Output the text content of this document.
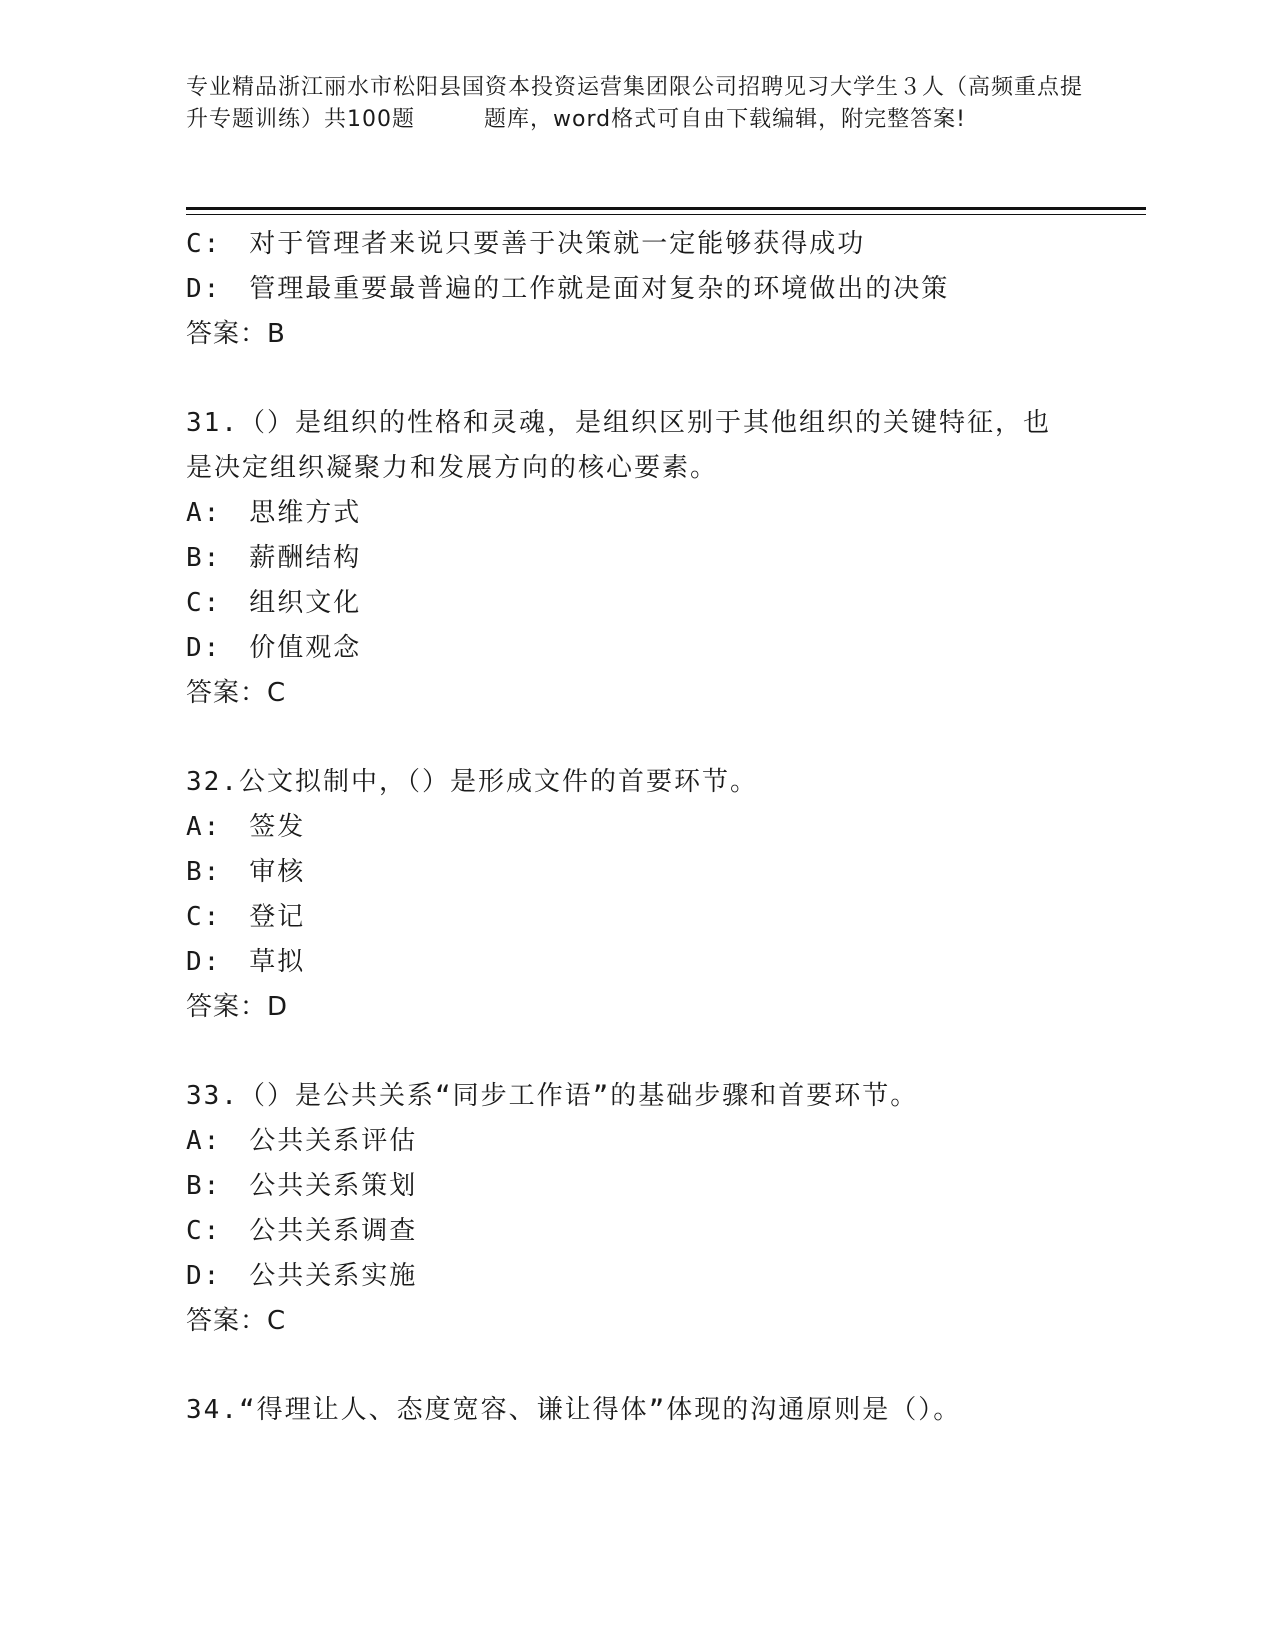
专业精品浙江丽水市松阳县国资本投资运营集团限公司招聘见习大学生３人（高频重点提升专题训练）共100题　　　题库，word格式可自由下载编辑，附完整答案!
C:　对于管理者来说只要善于决策就一定能够获得成功
D:　管理最重要最普遍的工作就是面对复杂的环境做出的决策
答案：B
31.（）是组织的性格和灵魂，是组织区别于其他组织的关键特征，也
是决定组织凝聚力和发展方向的核心要素。
A:　思维方式
B:　薪酬结构
C:　组织文化
D:　价值观念
答案：C
32.公文拟制中，（）是形成文件的首要环节。
A:　签发
B:　审核
C:　登记
D:　草拟
答案：D
33.（）是公共关系“同步工作语”的基础步骤和首要环节。
A:　公共关系评估
B:　公共关系策划
C:　公共关系调查
D:　公共关系实施
答案：C
34.“得理让人、态度宽容、谦让得体”体现的沟通原则是（）。
